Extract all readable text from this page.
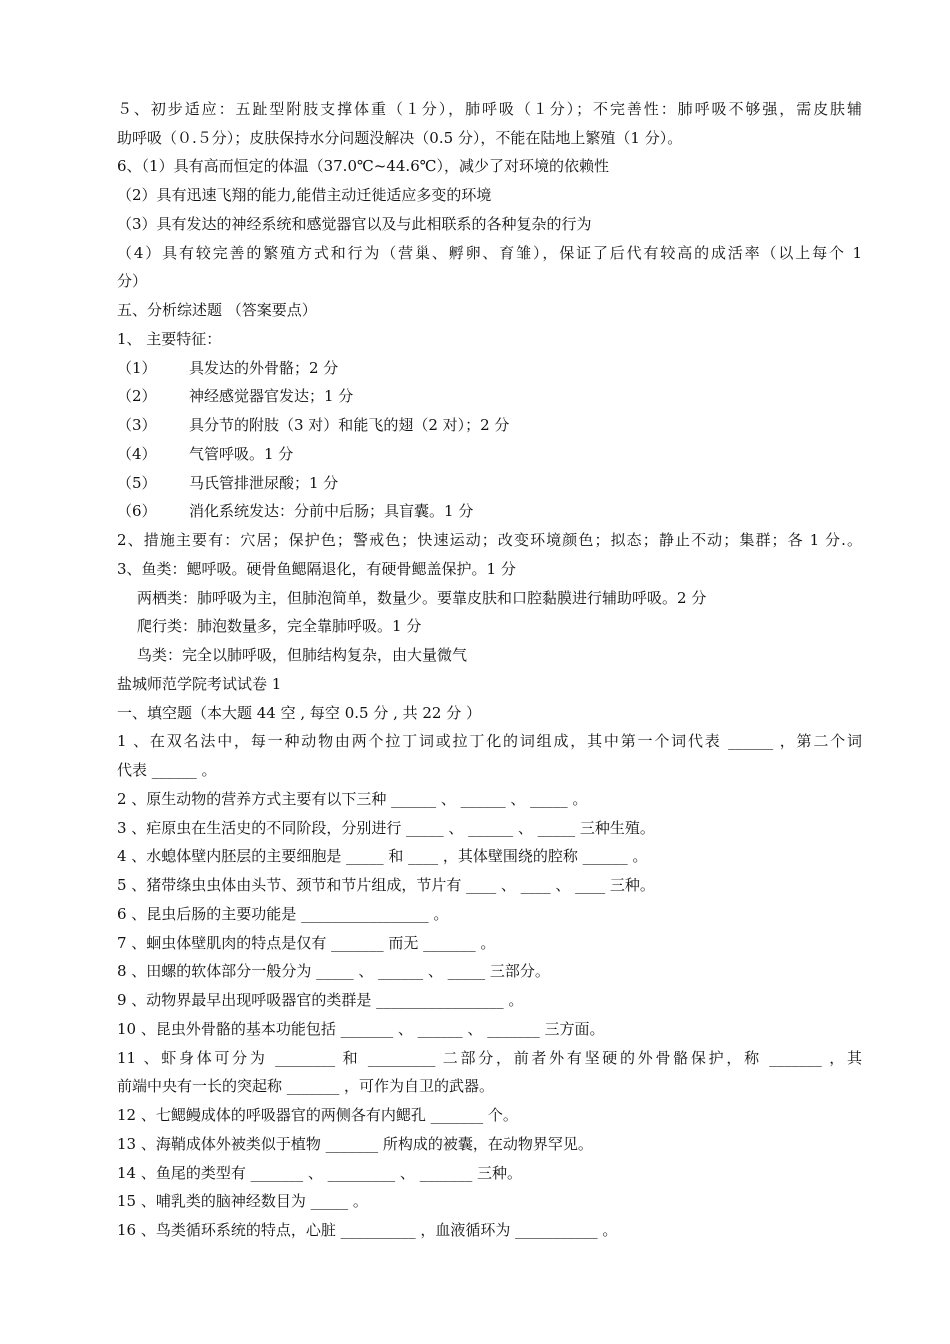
５、初步适应：五趾型附肢支撑体重（１分），肺呼吸（１分）；不完善性：肺呼吸不够强，需皮肤辅
助呼吸（０.５分）；皮肤保持水分问题没解决（0.5 分），不能在陆地上繁殖（1 分）。
6、（1）具有高而恒定的体温（37.0℃~44.6℃），减少了对环境的依赖性
（2）具有迅速飞翔的能力,能借主动迁徙适应多变的环境
（3）具有发达的神经系统和感觉器官以及与此相联系的各种复杂的行为
（4）具有较完善的繁殖方式和行为（营巢、孵卵、育雏），保证了后代有较高的成活率（以上每个 1
分）
五、分析综述题 （答案要点）
1、 主要特征：
（1） 具发达的外骨骼；2 分
（2） 神经感觉器官发达；1 分
（3） 具分节的附肢（3 对）和能飞的翅（2 对）；2 分
（4） 气管呼吸。1 分
（5） 马氏管排泄尿酸；1 分
（6） 消化系统发达：分前中后肠；具盲囊。1 分
2、措施主要有：穴居；保护色；警戒色；快速运动；改变环境颜色；拟态；静止不动；集群；各 1 分.。
3、鱼类：鳃呼吸。硬骨鱼鳃隔退化，有硬骨鳃盖保护。1 分
两栖类：肺呼吸为主，但肺泡简单，数量少。要靠皮肤和口腔黏膜进行辅助呼吸。2 分
爬行类：肺泡数量多，完全靠肺呼吸。1 分
鸟类：完全以肺呼吸，但肺结构复杂，由大量微气
盐城师范学院考试试卷 1
一、填空题（本大题 44 空 , 每空 0.5 分 , 共 22 分 ）
1 、在双名法中，每一种动物由两个拉丁词或拉丁化的词组成，其中第一个词代表 ______ ，第二个词
代表 ______ 。
2 、原生动物的营养方式主要有以下三种 ______ 、 ______ 、 _____ 。
3 、疟原虫在生活史的不同阶段，分别进行 _____ 、 ______ 、 _____ 三种生殖。
4 、水螅体壁内胚层的主要细胞是 _____ 和 ____ ，其体壁围绕的腔称 ______ 。
5 、猪带绦虫虫体由头节、颈节和节片组成，节片有 ____ 、 ____ 、 ____ 三种。
6 、昆虫后肠的主要功能是 _________________ 。
7 、蛔虫体壁肌肉的特点是仅有 _______ 而无 _______ 。
8 、田螺的软体部分一般分为 _____ 、 ______ 、 _____ 三部分。
9 、动物界最早出现呼吸器官的类群是 _________________ 。
10 、昆虫外骨骼的基本功能包括 _______ 、 ______ 、 _______ 三方面。
11 、虾身体可分为 ________ 和 _________ 二部分，前者外有坚硬的外骨骼保护，称 _______ ，其
前端中央有一长的突起称 _______ ，可作为自卫的武器。
12 、七鳃鳗成体的呼吸器官的两侧各有内鳃孔 _______ 个。
13 、海鞘成体外被类似于植物 _______ 所构成的被囊，在动物界罕见。
14 、鱼尾的类型有 _______ 、 _________ 、 _______ 三种。
15 、哺乳类的脑神经数目为 _____ 。
16 、鸟类循环系统的特点，心脏 __________ ，血液循环为 ___________ 。
